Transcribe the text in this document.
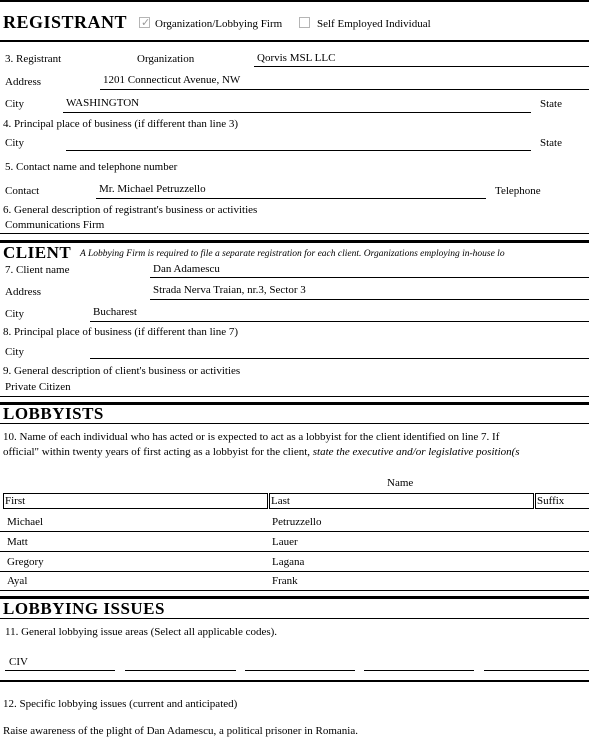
REGISTRANT ✓ Organization/Lobbying Firm	Self Employed Individual
3. Registrant	Organization	Qorvis MSL LLC
Address	1201 Connecticut Avenue, NW
City	WASHINGTON	State
4. Principal place of business (if different than line 3)
City	State
5. Contact name and telephone number
Contact	Mr. Michael Petruzzello	Telephone
6. General description of registrant's business or activities
Communications Firm
CLIENT A Lobbying Firm is required to file a separate registration for each client. Organizations employing in-house lo
7. Client name	Dan Adamescu
Address	Strada Nerva Traian, nr.3, Sector 3
City	Bucharest
8. Principal place of business (if different than line 7)
City
9. General description of client's business or activities
Private Citizen
LOBBYISTS
10. Name of each individual who has acted or is expected to act as a lobbyist for the client identified on line 7. If
official" within twenty years of first acting as a lobbyist for the client, state the executive and/or legislative position(s
Name
First	Last	Suffix
Michael	Petruzzello
Matt	Lauer
Gregory	Lagana
Ayal	Frank
LOBBYING ISSUES
11. General lobbying issue areas (Select all applicable codes).
CIV
12. Specific lobbying issues (current and anticipated)
Raise awareness of the plight of Dan Adamescu, a political prisoner in Romania.
